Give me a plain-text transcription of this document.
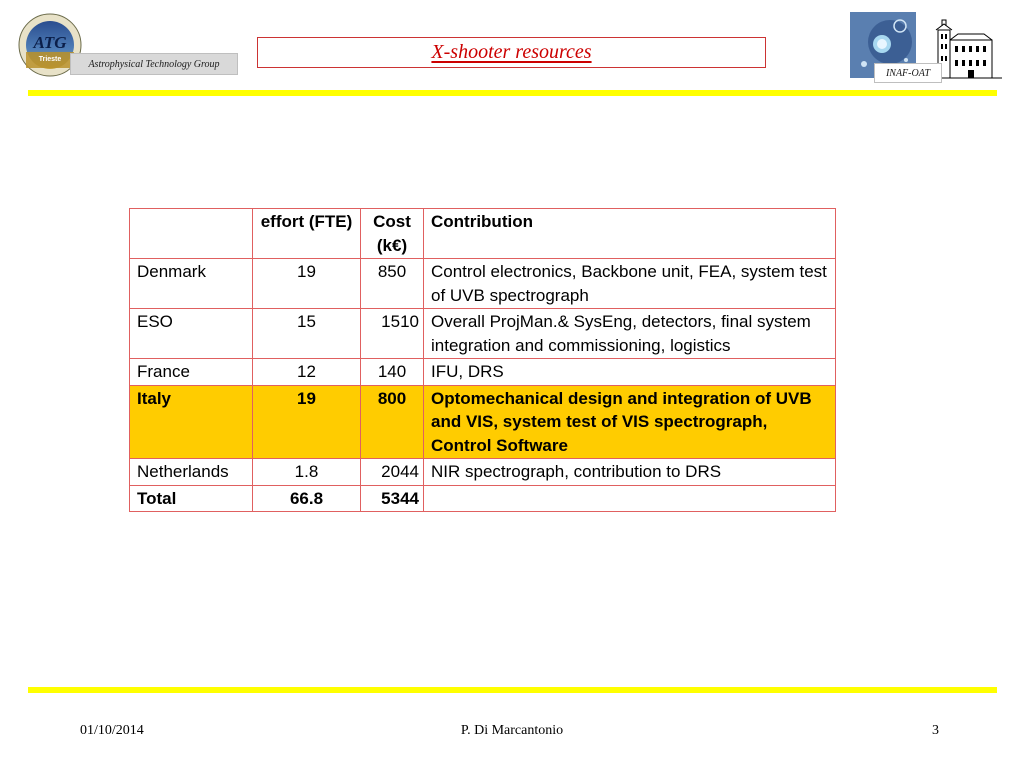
ATG
Trieste	Astrophysical Technology Group
X-shooter resources
INAF-OAT
	effort (FTE)	Cost (k€)	Contribution
Denmark	19	850	Control electronics, Backbone unit, FEA, system test of UVB spectrograph
ESO	15	1510	Overall ProjMan.& SysEng, detectors, final system integration and commissioning, logistics
France	12	140	IFU, DRS
Italy	19	800	Optomechanical design and integration of UVB and VIS, system test of VIS spectrograph, Control Software
Netherlands	1.8	2044	NIR spectrograph, contribution to DRS
Total	66.8	5344	
01/10/2014	P. Di Marcantonio	3
